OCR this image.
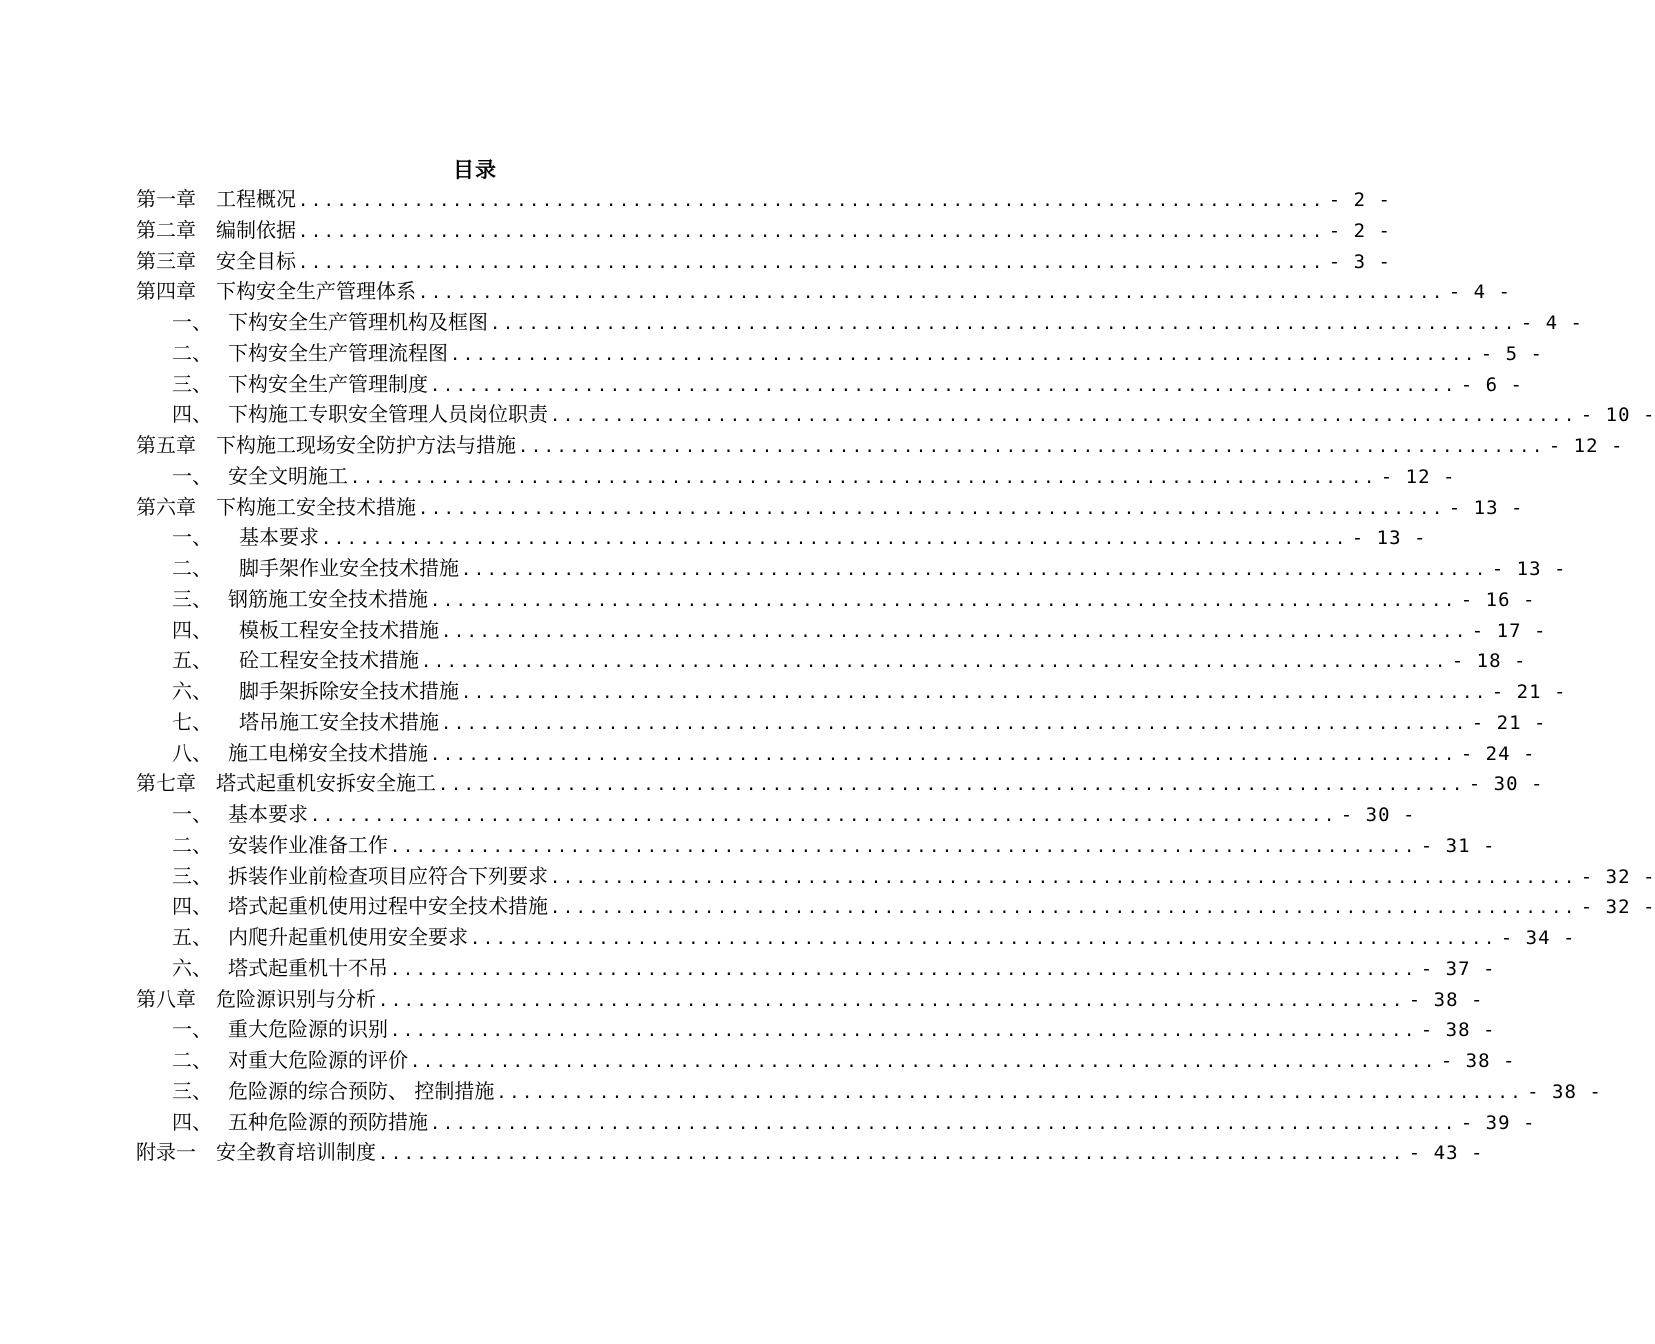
目录
第一章	工程概况 ................................................................................ - 2 -
第二章	编制依据 ................................................................................ - 2 -
第三章	安全目标 ................................................................................ - 3 -
第四章	下构安全生产管理体系 ................................................................................ - 4 -
一、 下构安全生产管理机构及框图 ................................................................................ - 4 -
二、 下构安全生产管理流程图 ................................................................................ - 5 -
三、 下构安全生产管理制度 ................................................................................ - 6 -
四、 下构施工专职安全管理人员岗位职责 ................................................................................ - 10 -
第五章	下构施工现场安全防护方法与措施 ................................................................................ - 12 -
一、 安全文明施工 ................................................................................ - 12 -
第六章	下构施工安全技术措施 ................................................................................ - 13 -
一、	基本要求 ................................................................................ - 13 -
二、	脚手架作业安全技术措施 ................................................................................ - 13 -
三、 钢筋施工安全技术措施 ................................................................................ - 16 -
四、	模板工程安全技术措施 ................................................................................ - 17 -
五、	砼工程安全技术措施 ................................................................................ - 18 -
六、	脚手架拆除安全技术措施 ................................................................................ - 21 -
七、	塔吊施工安全技术措施 ................................................................................ - 21 -
八、 施工电梯安全技术措施 ................................................................................ - 24 -
第七章	塔式起重机安拆安全施工 ................................................................................ - 30 -
一、 基本要求 ................................................................................ - 30 -
二、 安装作业准备工作 ................................................................................ - 31 -
三、 拆装作业前检查项目应符合下列要求 ................................................................................ - 32 -
四、 塔式起重机使用过程中安全技术措施 ................................................................................ - 32 -
五、 内爬升起重机使用安全要求 ................................................................................ - 34 -
六、 塔式起重机十不吊 ................................................................................ - 37 -
第八章	危险源识别与分析 ................................................................................ - 38 -
一、 重大危险源的识别 ................................................................................ - 38 -
二、 对重大危险源的评价 ................................................................................ - 38 -
三、 危险源的综合预防、 控制措施 ................................................................................ - 38 -
四、 五种危险源的预防措施 ................................................................................ - 39 -
附录一	安全教育培训制度 ................................................................................ - 43 -
